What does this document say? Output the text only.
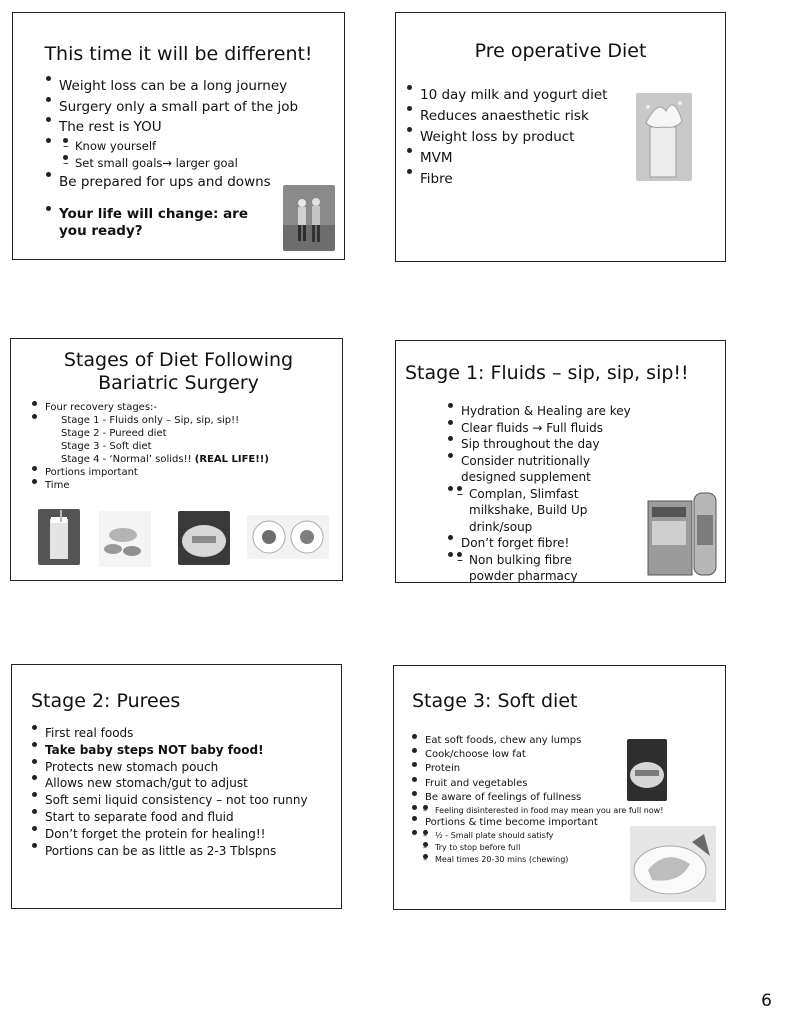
This time it will be different!
Weight loss can be a long journey
Surgery only a small part of the job
The rest is YOU
– Know yourself
– Set small goals→ larger goal
Be prepared for ups and downs
Your life will change: are you ready?
Pre operative Diet
10 day milk and yogurt diet
Reduces anaesthetic risk
Weight loss by product
MVM
Fibre
Stages of Diet Following Bariatric Surgery
Four recovery stages:-
Stage 1 - Fluids only – Sip, sip, sip!!
Stage 2 - Pureed diet
Stage 3 - Soft diet
Stage 4 - ‘Normal’ solids!! (REAL LIFE!!)
Portions important
Time
Stage 1: Fluids – sip, sip, sip!!
Hydration & Healing are key
Clear fluids → Full fluids
Sip throughout the day
Consider nutritionally designed supplement
– Complan, Slimfast milkshake, Build Up drink/soup
Don’t forget fibre!
– Non bulking fibre powder pharmacy
Stage 2: Purees
First real foods
Take baby steps NOT baby food!
Protects new stomach pouch
Allows new stomach/gut to adjust
Soft semi liquid consistency – not too runny
Start to separate food and fluid
Don’t forget the protein for healing!!
Portions can be as little as 2-3 Tblspns
Stage 3: Soft diet
Eat soft foods, chew any lumps
Cook/choose low fat
Protein
Fruit and vegetables
Be aware of feelings of fullness
– Feeling disinterested in food may mean you are full now!
Portions & time become important
– ½ - Small plate should satisfy
– Try to stop before full
– Meal times 20-30 mins (chewing)
6
